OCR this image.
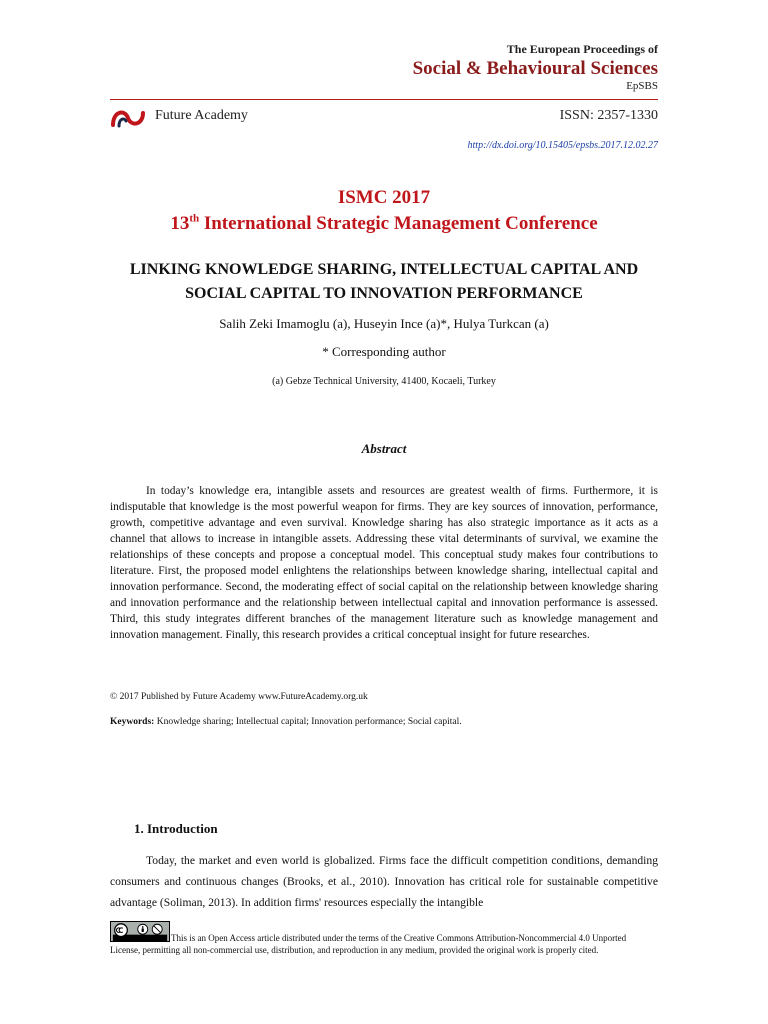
The European Proceedings of
Social & Behavioural Sciences
EpSBS
Future Academy	ISSN: 2357-1330
http://dx.doi.org/10.15405/epsbs.2017.12.02.27
ISMC 2017
13th International Strategic Management Conference
LINKING KNOWLEDGE SHARING, INTELLECTUAL CAPITAL AND SOCIAL CAPITAL TO INNOVATION PERFORMANCE
Salih Zeki Imamoglu (a), Huseyin Ince (a)*, Hulya Turkcan (a)
* Corresponding author
(a) Gebze Technical University, 41400, Kocaeli, Turkey
Abstract
In today’s knowledge era, intangible assets and resources are greatest wealth of firms. Furthermore, it is indisputable that knowledge is the most powerful weapon for firms. They are key sources of innovation, performance, growth, competitive advantage and even survival. Knowledge sharing has also strategic importance as it acts as a channel that allows to increase in intangible assets. Addressing these vital determinants of survival, we examine the relationships of these concepts and propose a conceptual model. This conceptual study makes four contributions to literature. First, the proposed model enlightens the relationships between knowledge sharing, intellectual capital and innovation performance. Second, the moderating effect of social capital on the relationship between knowledge sharing and innovation performance and the relationship between intellectual capital and innovation performance is assessed. Third, this study integrates different branches of the management literature such as knowledge management and innovation management. Finally, this research provides a critical conceptual insight for future researches.
© 2017 Published by Future Academy www.FutureAcademy.org.uk
Keywords: Knowledge sharing; Intellectual capital; Innovation performance; Social capital.
1. Introduction
Today, the market and even world is globalized. Firms face the difficult competition conditions, demanding consumers and continuous changes (Brooks, et al., 2010). Innovation has critical role for sustainable competitive advantage (Soliman, 2013). In addition firms' resources especially the intangible
This is an Open Access article distributed under the terms of the Creative Commons Attribution-Noncommercial 4.0 Unported License, permitting all non-commercial use, distribution, and reproduction in any medium, provided the original work is properly cited.
